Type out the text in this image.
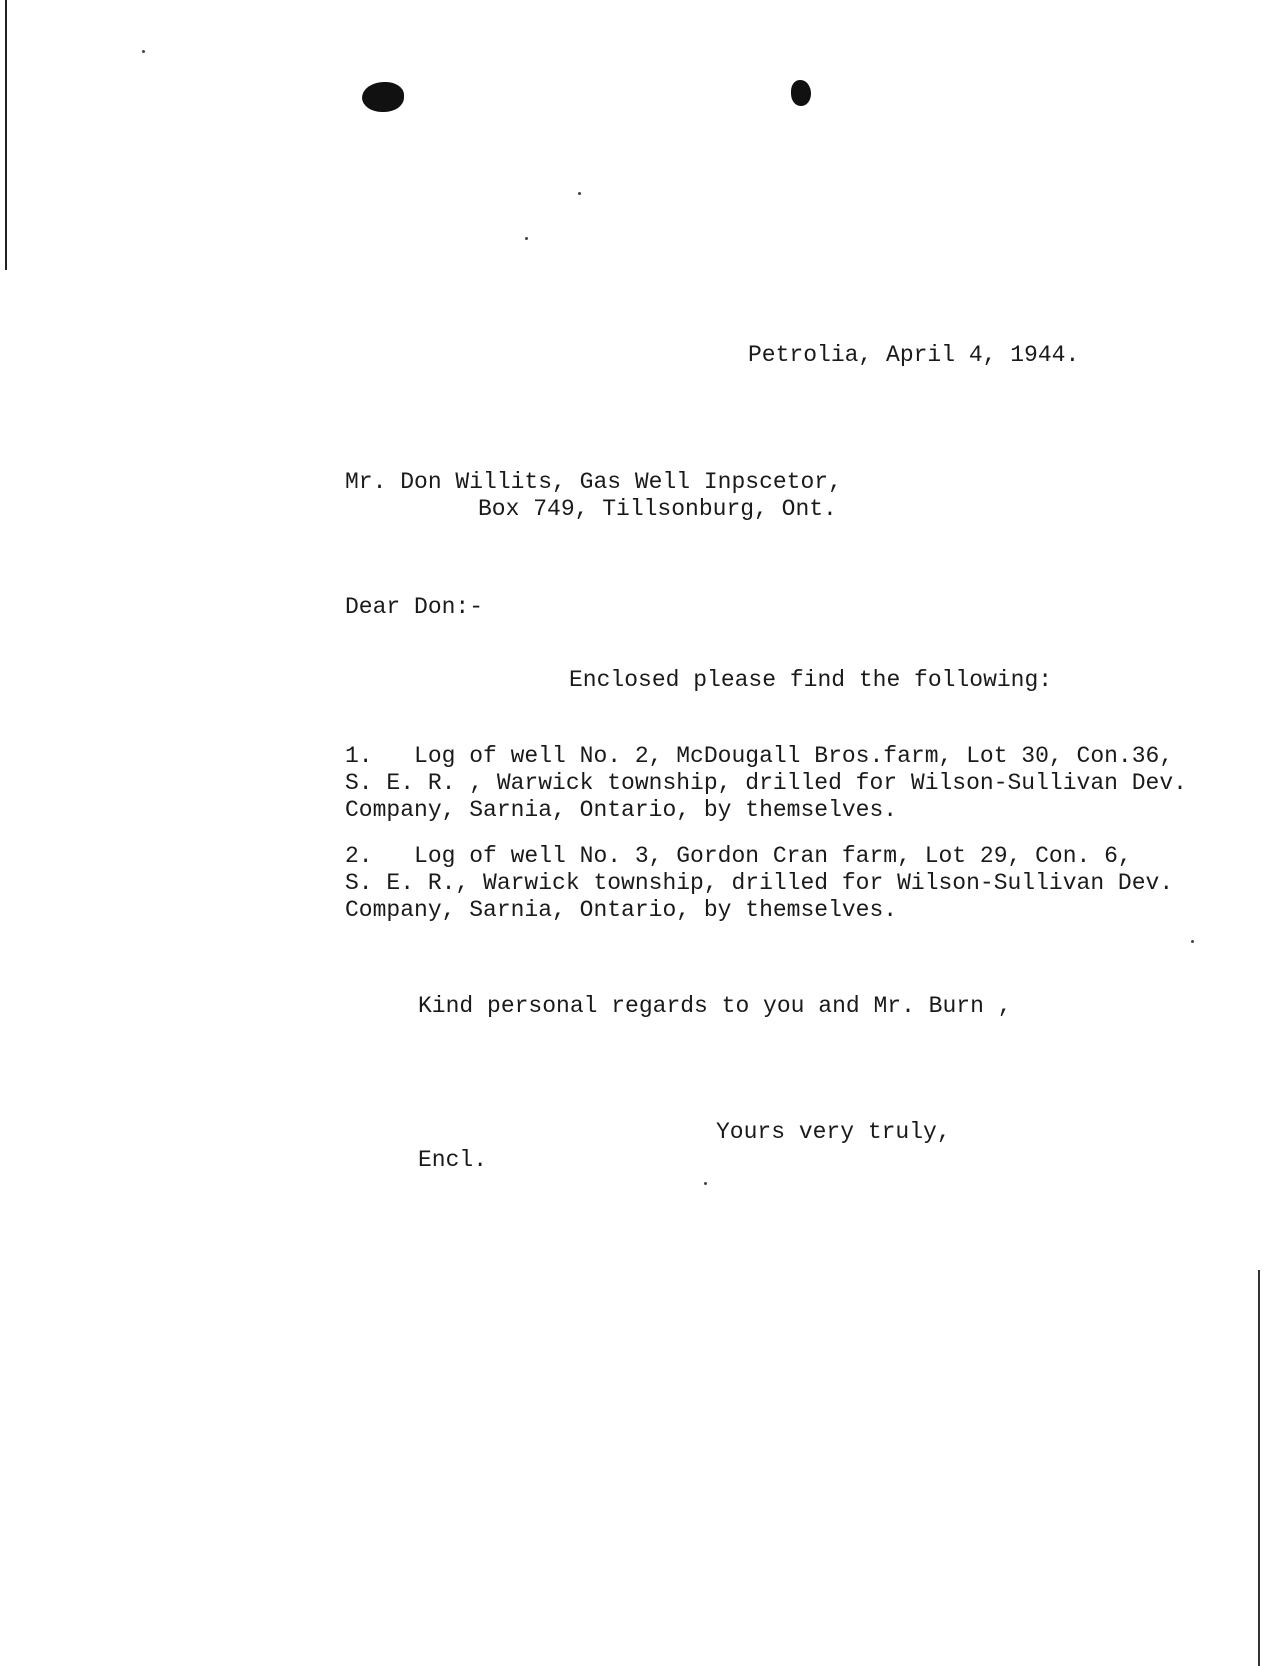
Petrolia, April 4, 1944.
Mr. Don Willits, Gas Well Inpscetor,
Box 749, Tillsonburg, Ont.
Dear Don:-
Enclosed please find the following:
1.   Log of well No. 2, McDougall Bros.farm, Lot 30, Con.36,
S. E. R. , Warwick township, drilled for Wilson-Sullivan Dev.
Company, Sarnia, Ontario, by themselves.
2.   Log of well No. 3, Gordon Cran farm, Lot 29, Con. 6,
S. E. R., Warwick township, drilled for Wilson-Sullivan Dev.
Company, Sarnia, Ontario, by themselves.
Kind personal regards to you and Mr. Burn ,
Yours very truly,
Encl.
